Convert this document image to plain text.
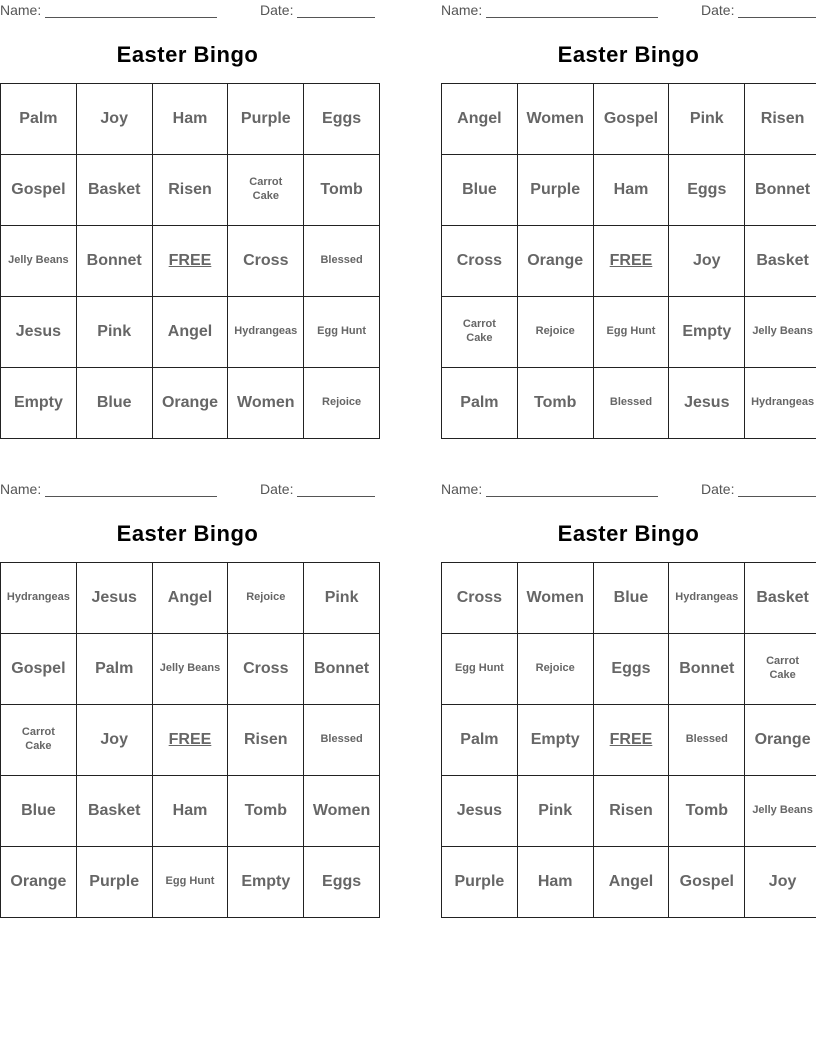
Name:	Date:
Easter Bingo
Palm	Joy	Ham	Purple	Eggs
Gospel	Basket	Risen	Carrot Cake	Tomb
Jelly Beans	Bonnet	FREE	Cross	Blessed
Jesus	Pink	Angel	Hydrangeas	Egg Hunt
Empty	Blue	Orange	Women	Rejoice
Name:	Date:
Easter Bingo
Angel	Women	Gospel	Pink	Risen
Blue	Purple	Ham	Eggs	Bonnet
Cross	Orange	FREE	Joy	Basket
Carrot Cake	Rejoice	Egg Hunt	Empty	Jelly Beans
Palm	Tomb	Blessed	Jesus	Hydrangeas
Name:	Date:
Easter Bingo
Hydrangeas	Jesus	Angel	Rejoice	Pink
Gospel	Palm	Jelly Beans	Cross	Bonnet
Carrot Cake	Joy	FREE	Risen	Blessed
Blue	Basket	Ham	Tomb	Women
Orange	Purple	Egg Hunt	Empty	Eggs
Name:	Date:
Easter Bingo
Cross	Women	Blue	Hydrangeas	Basket
Egg Hunt	Rejoice	Eggs	Bonnet	Carrot Cake
Palm	Empty	FREE	Blessed	Orange
Jesus	Pink	Risen	Tomb	Jelly Beans
Purple	Ham	Angel	Gospel	Joy
